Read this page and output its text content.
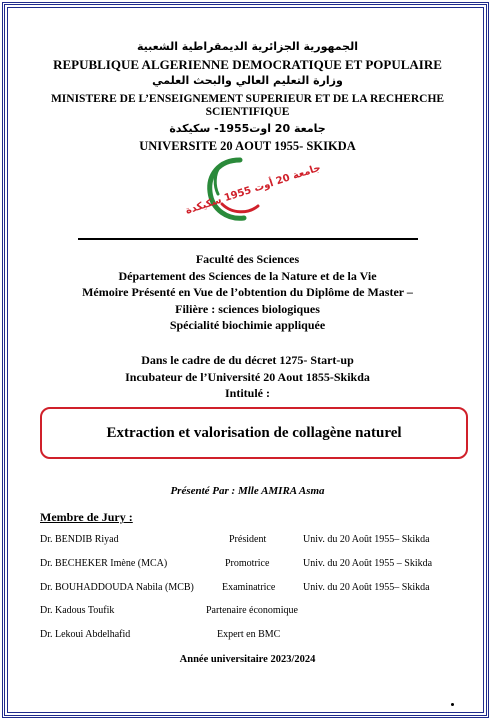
الجمهورية الجزائرية الديمقراطية الشعبية
REPUBLIQUE ALGERIENNE DEMOCRATIQUE ET POPULAIRE
وزارة التعليم العالي والبحث العلمي
MINISTERE DE L’ENSEIGNEMENT SUPERIEUR ET DE LA RECHERCHE SCIENTIFIQUE
جامعة 20 اوت1955- سكيكدة
UNIVERSITE 20 AOUT 1955- SKIKDA
جامعة 20 أوت 1955 سكيكدة
Faculté des Sciences
Département des Sciences de la Nature et de la Vie
Mémoire Présenté en Vue de l’obtention du Diplôme de Master –
Filière : sciences biologiques
Spécialité biochimie appliquée
Dans le cadre de du décret 1275- Start-up
Incubateur de l’Université 20 Aout 1855-Skikda
Intitulé :
Extraction et valorisation de collagène naturel
Présenté Par : Mlle AMIRA Asma
Membre de Jury :
Dr. BENDIB Riyad	Président	Univ. du 20 Août 1955– Skikda
Dr. BECHEKER Imène (MCA)	Promotrice	Univ. du 20 Août 1955 – Skikda
Dr. BOUHADDOUDA Nabila (MCB)	Examinatrice	Univ. du 20 Août 1955– Skikda
Dr. Kadous Toufik	Partenaire économique
Dr. Lekoui Abdelhafid	Expert en BMC
Année universitaire 2023/2024
